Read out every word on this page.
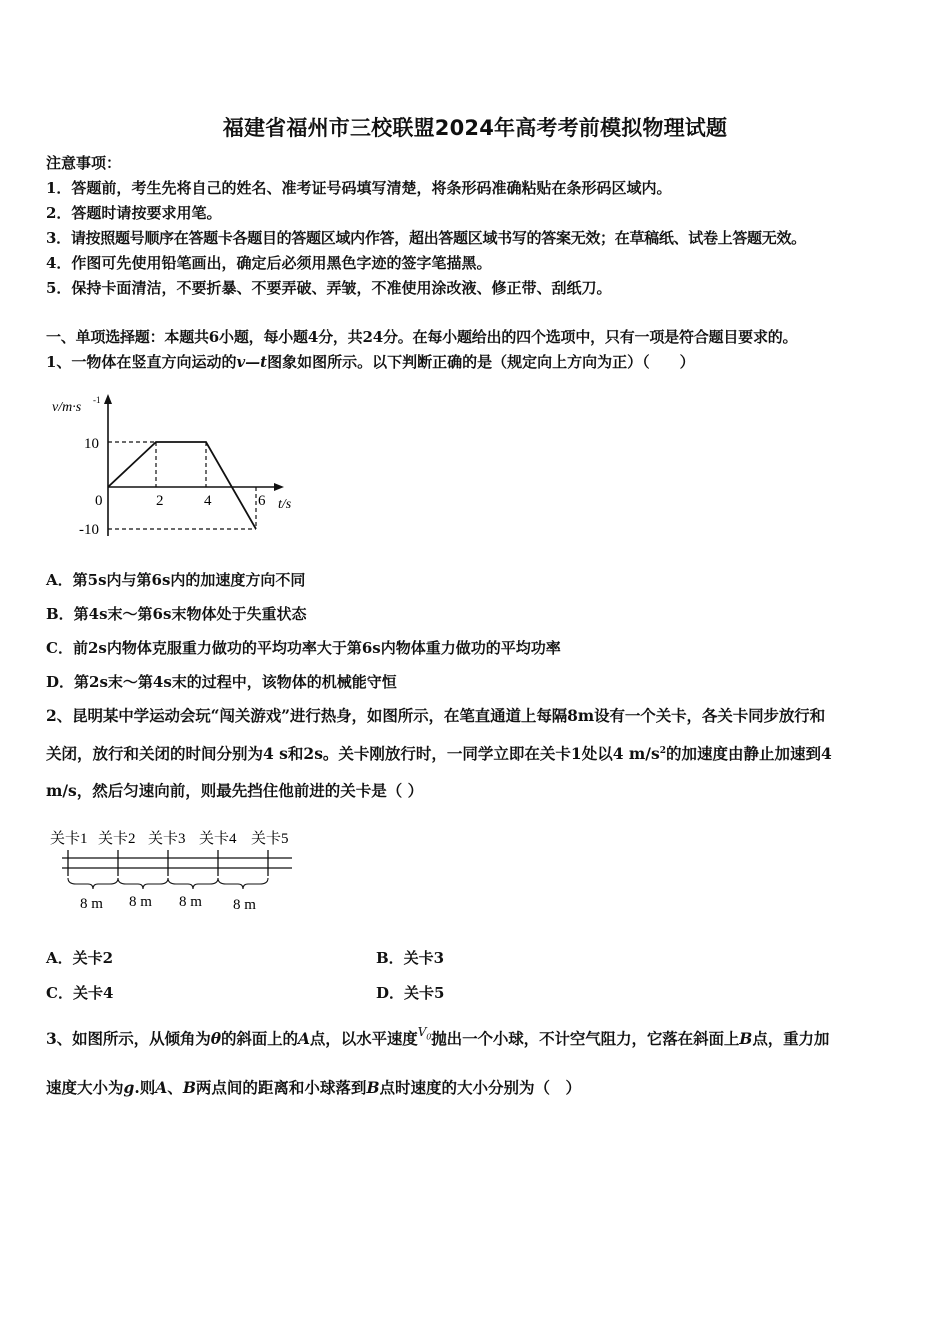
福建省福州市三校联盟2024年高考考前模拟物理试题
注意事项：
1．答题前，考生先将自己的姓名、准考证号码填写清楚，将条形码准确粘贴在条形码区域内。
2．答题时请按要求用笔。
3．请按照题号顺序在答题卡各题目的答题区域内作答，超出答题区域书写的答案无效；在草稿纸、试卷上答题无效。
4．作图可先使用铅笔画出，确定后必须用黑色字迹的签字笔描黑。
5．保持卡面清洁，不要折暴、不要弄破、弄皱，不准使用涂改液、修正带、刮纸刀。
一、单项选择题：本题共6小题，每小题4分，共24分。在每小题给出的四个选项中，只有一项是符合题目要求的。
1、一物体在竖直方向运动的v—t图象如图所示。以下判断正确的是（规定向上方向为正）（　　）
v/m·s -1
t/s
10
-10
0	2	4	6
A．第5s内与第6s内的加速度方向不同
B．第4s末～第6s末物体处于失重状态
C．前2s内物体克服重力做功的平均功率大于第6s内物体重力做功的平均功率
D．第2s末～第4s末的过程中，该物体的机械能守恒
2、昆明某中学运动会玩“闯关游戏”进行热身，如图所示，在笔直通道上每隔8m设有一个关卡，各关卡同步放行和
关闭，放行和关闭的时间分别为4 s和2s。关卡刚放行时，一同学立即在关卡1处以4 $m/s^2$的加速度由静止加速到4
m/s，然后匀速向前，则最先挡住他前进的关卡是（ ）
关卡1 关卡2 关卡3 关卡4 关卡5
8 m 8 m 8 m 8 m
A．关卡2	B．关卡3
C．关卡4	D．关卡5
3、如图所示，从倾角为θ的斜面上的A点，以水平速度$^{V_0}$抛出一个小球，不计空气阻力，它落在斜面上B点，重力加
速度大小为g.则A、B两点间的距离和小球落到B点时速度的大小分别为（　）
